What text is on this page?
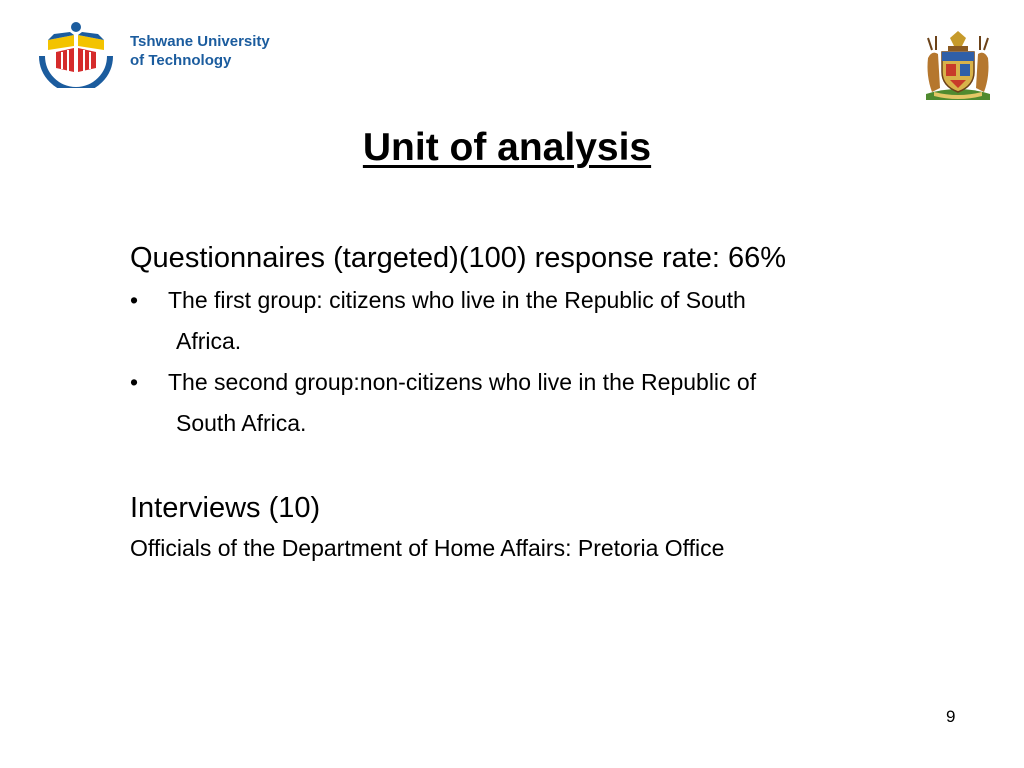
Tshwane University
of Technology
Unit of analysis

Questionnaires (targeted)(100) response rate: 66%

• The first group: citizens who live in the Republic of South
Africa.
• The second group:non-citizens who live in the Republic of
South Africa.

Interviews (10)

Officials of the Department of Home Affairs: Pretoria Office

9
